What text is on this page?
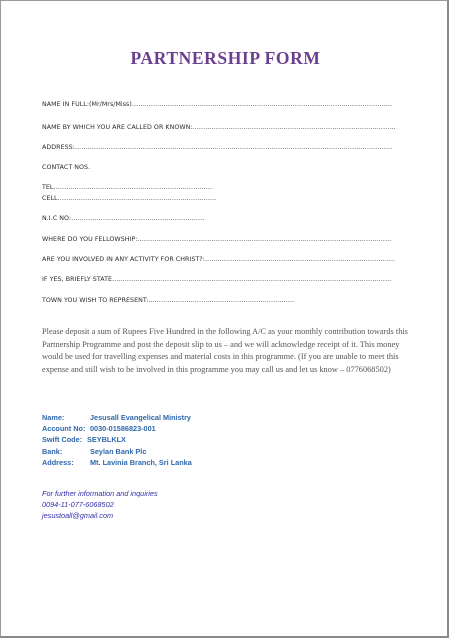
PARTNERSHIP FORM
NAME IN FULL:(Mr/Mrs/Miss)……………………………………………………………………………………………………………
NAME BY WHICH YOU ARE CALLED OR KNOWN:……………………………………………………………………………………
ADDRESS:……………………………………………………………………………………………………………………………………
CONTACT NOS.
TEL…………………………………………………………………
CELL…………………………………………………………………
N.I.C NO:………………………………………………………
WHERE DO YOU FELLOWSHIP:…………………………………………………………………………………………………………
ARE YOU INVOLVED IN ANY ACTIVITY FOR CHRIST?:………………………………………………………………………………
IF YES, BRIEFLY STATE……………………………………………………………………………………………………………………
TOWN YOU WISH TO REPRESENT:……………………………………………………………

Please deposit a sum of Rupees Five Hundred in the following A/C as your monthly contribution towards this Partnership Programme and post the deposit slip to us – and we will acknowledge receipt of it. This money would be used for travelling expenses and material costs in this programme. (If you are unable to meet this expense and still wish to be involved in this programme you may call us and let us know – 0776068502)

Name:	Jesusall Evangelical Ministry
Account No: 0030-01586823-001
Swift Code: SEYBLKLX
Bank:	Seylan Bank Plc
Address: Mt. Lavinia Branch, Sri Lanka
For further information and inquiries
0094-11-077-6068502
jesustoall@gmail.com
